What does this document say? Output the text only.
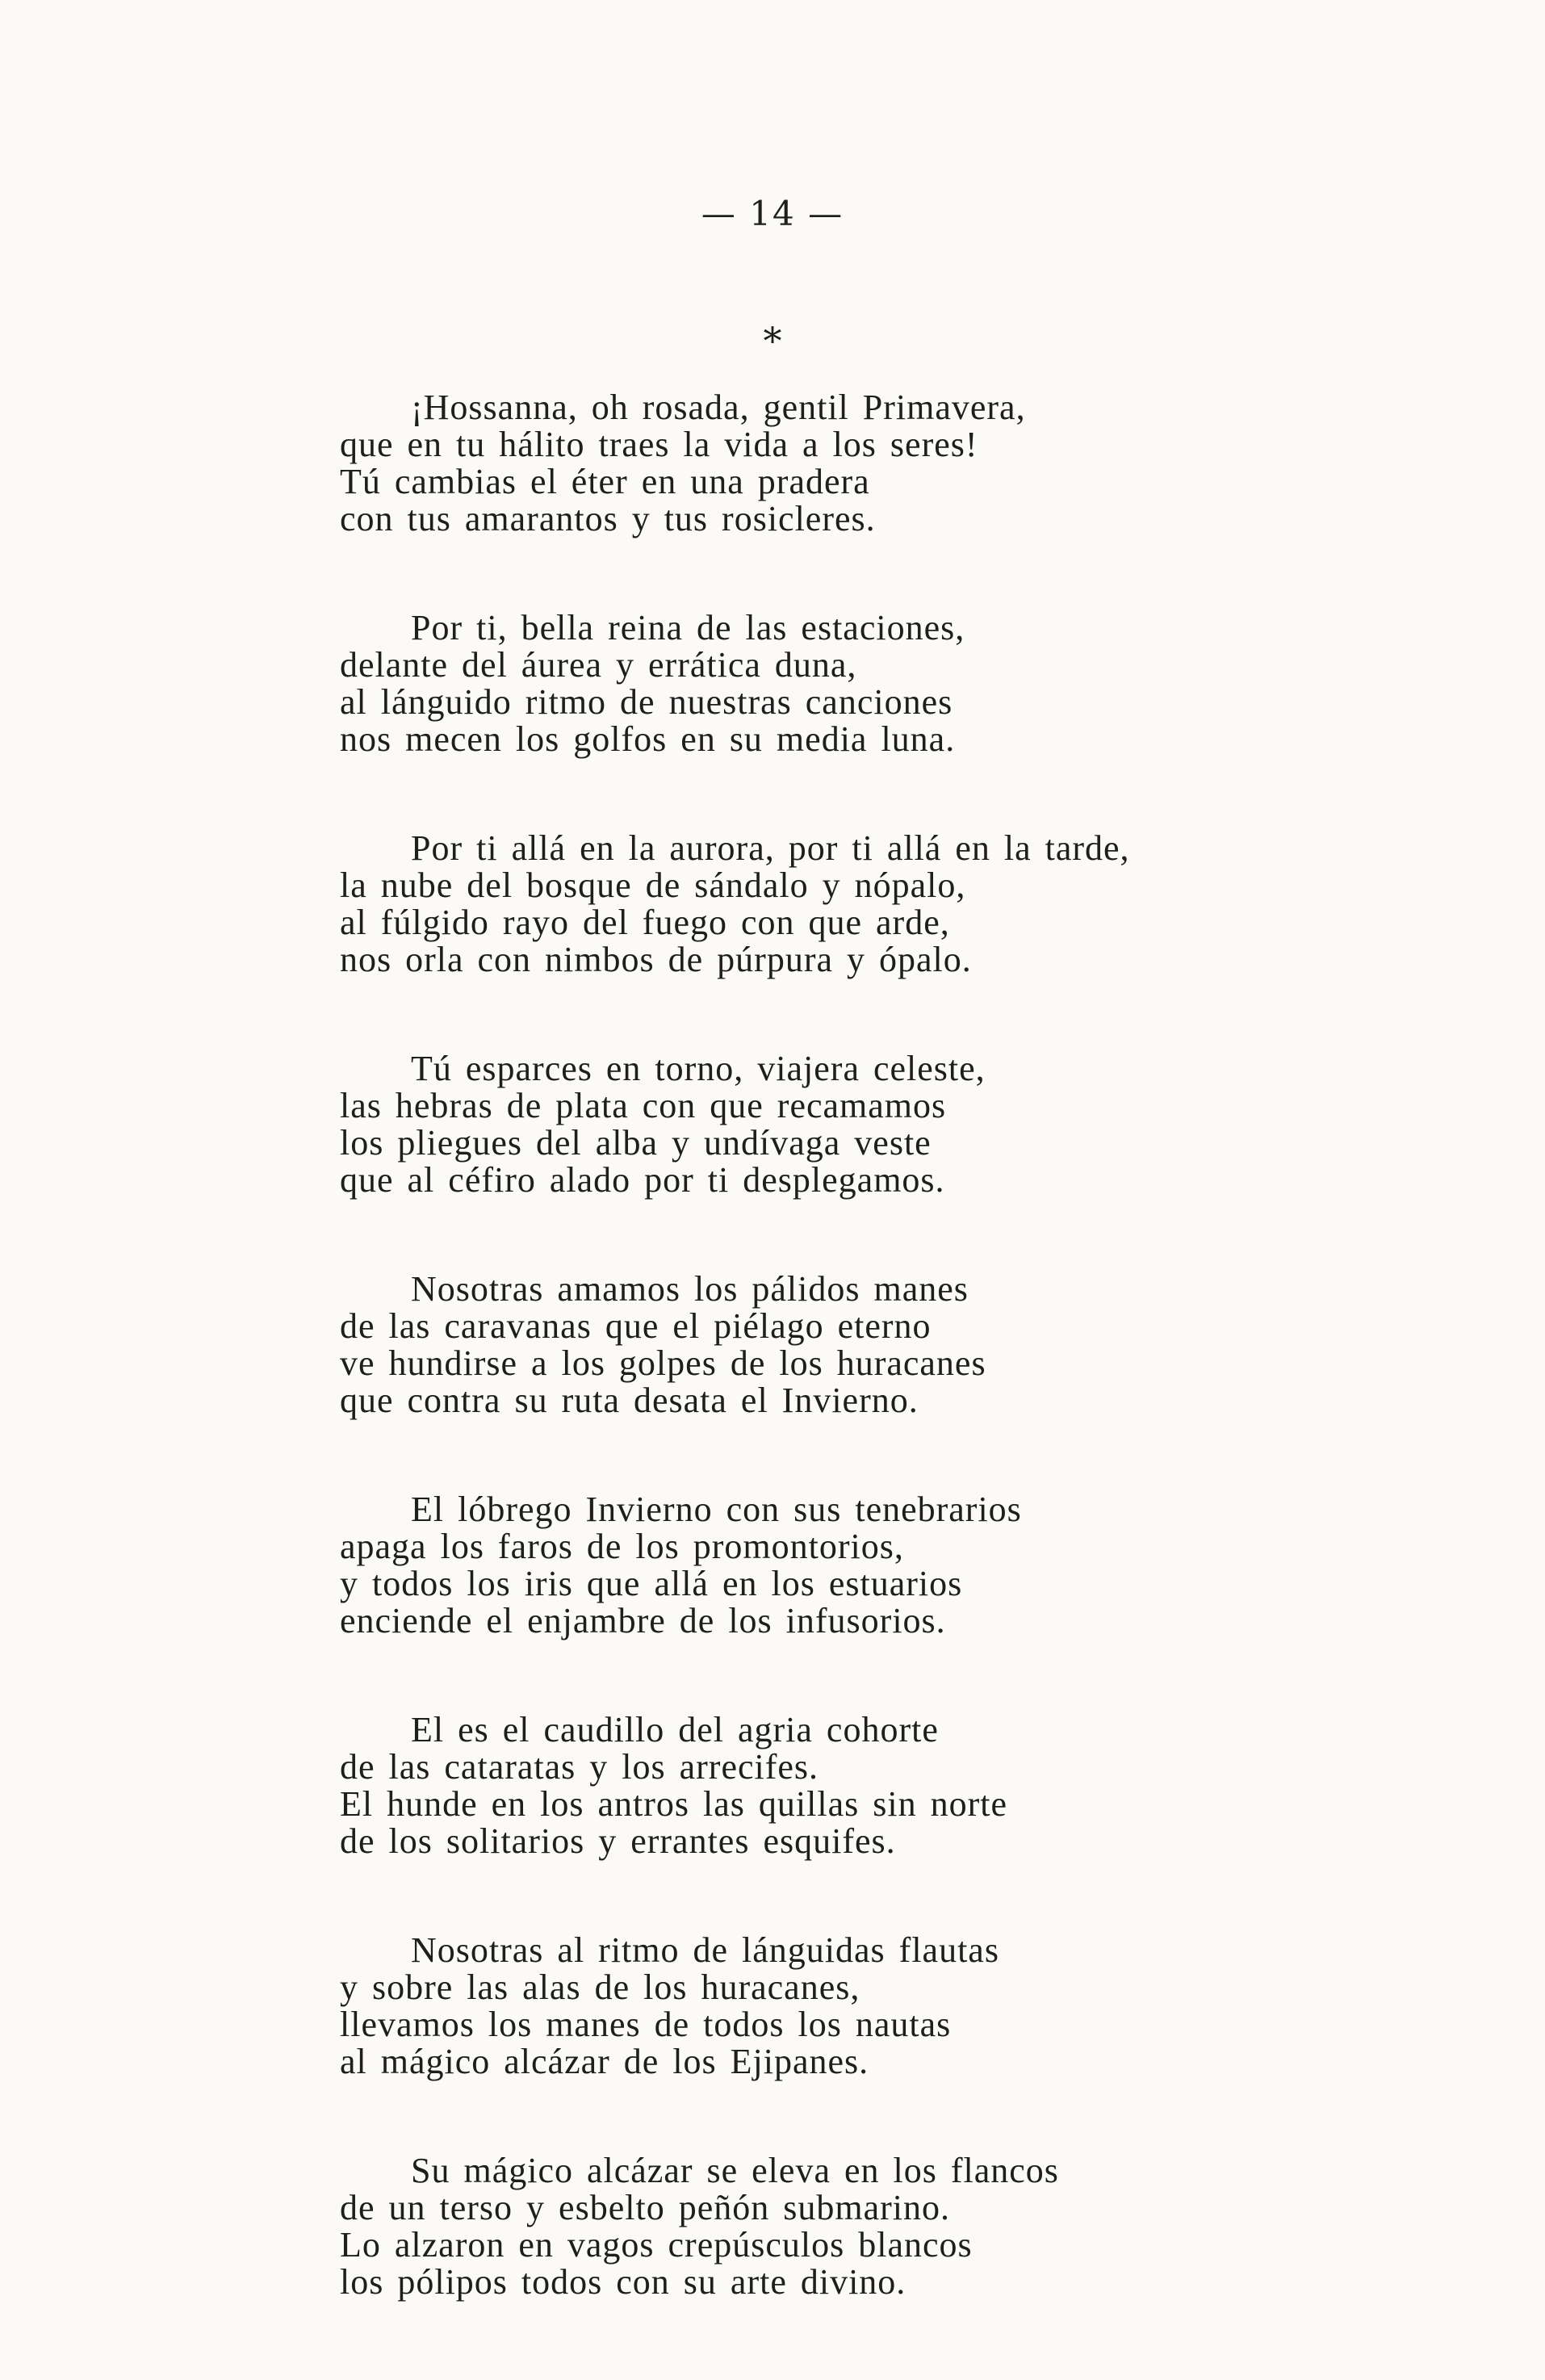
— 14 —
*
¡Hossanna, oh rosada, gentil Primavera,
que en tu hálito traes la vida a los seres!
Tú cambias el éter en una pradera
con tus amarantos y tus rosicleres.
Por ti, bella reina de las estaciones,
delante del áurea y errática duna,
al lánguido ritmo de nuestras canciones
nos mecen los golfos en su media luna.
Por ti allá en la aurora, por ti allá en la tarde,
la nube del bosque de sándalo y nópalo,
al fúlgido rayo del fuego con que arde,
nos orla con nimbos de púrpura y ópalo.
Tú esparces en torno, viajera celeste,
las hebras de plata con que recamamos
los pliegues del alba y undívaga veste
que al céfiro alado por ti desplegamos.
Nosotras amamos los pálidos manes
de las caravanas que el piélago eterno
ve hundirse a los golpes de los huracanes
que contra su ruta desata el Invierno.
El lóbrego Invierno con sus tenebrarios
apaga los faros de los promontorios,
y todos los iris que allá en los estuarios
enciende el enjambre de los infusorios.
El es el caudillo del agria cohorte
de las cataratas y los arrecifes.
El hunde en los antros las quillas sin norte
de los solitarios y errantes esquifes.
Nosotras al ritmo de lánguidas flautas
y sobre las alas de los huracanes,
llevamos los manes de todos los nautas
al mágico alcázar de los Ejipanes.
Su mágico alcázar se eleva en los flancos
de un terso y esbelto peñón submarino.
Lo alzaron en vagos crepúsculos blancos
los pólipos todos con su arte divino.
